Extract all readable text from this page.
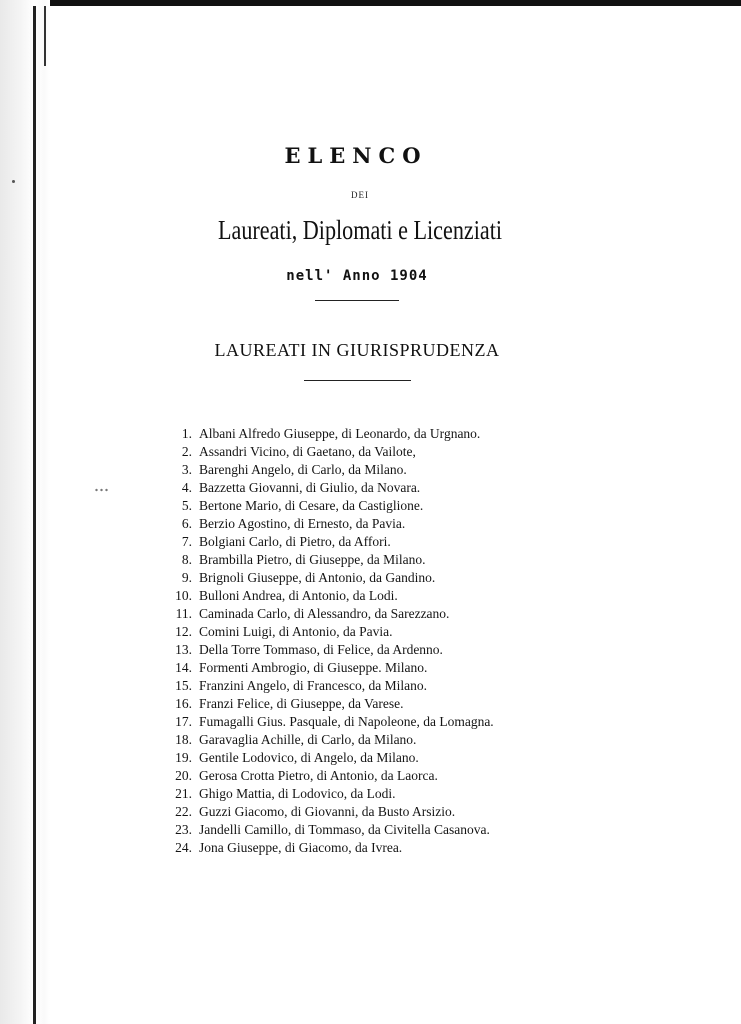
ELENCO
DEI
Laureati, Diplomati e Licenziati
nell' Anno 1904
LAUREATI IN GIURISPRUDENZA
1. Albani Alfredo Giuseppe, di Leonardo, da Urgnano.
2. Assandri Vicino, di Gaetano, da Vailote,
3. Barenghi Angelo, di Carlo, da Milano.
4. Bazzetta Giovanni, di Giulio, da Novara.
5. Bertone Mario, di Cesare, da Castiglione.
6. Berzio Agostino, di Ernesto, da Pavia.
7. Bolgiani Carlo, di Pietro, da Affori.
8. Brambilla Pietro, di Giuseppe, da Milano.
9. Brignoli Giuseppe, di Antonio, da Gandino.
10. Bulloni Andrea, di Antonio, da Lodi.
11. Caminada Carlo, di Alessandro, da Sarezzano.
12. Comini Luigi, di Antonio, da Pavia.
13. Della Torre Tommaso, di Felice, da Ardenno.
14. Formenti Ambrogio, di Giuseppe. Milano.
15. Franzini Angelo, di Francesco, da Milano.
16. Franzi Felice, di Giuseppe, da Varese.
17. Fumagalli Gius. Pasquale, di Napoleone, da Lomagna.
18. Garavaglia Achille, di Carlo, da Milano.
19. Gentile Lodovico, di Angelo, da Milano.
20. Gerosa Crotta Pietro, di Antonio, da Laorca.
21. Ghigo Mattia, di Lodovico, da Lodi.
22. Guzzi Giacomo, di Giovanni, da Busto Arsizio.
23. Jandelli Camillo, di Tommaso, da Civitella Casanova.
24. Jona Giuseppe, di Giacomo, da Ivrea.
